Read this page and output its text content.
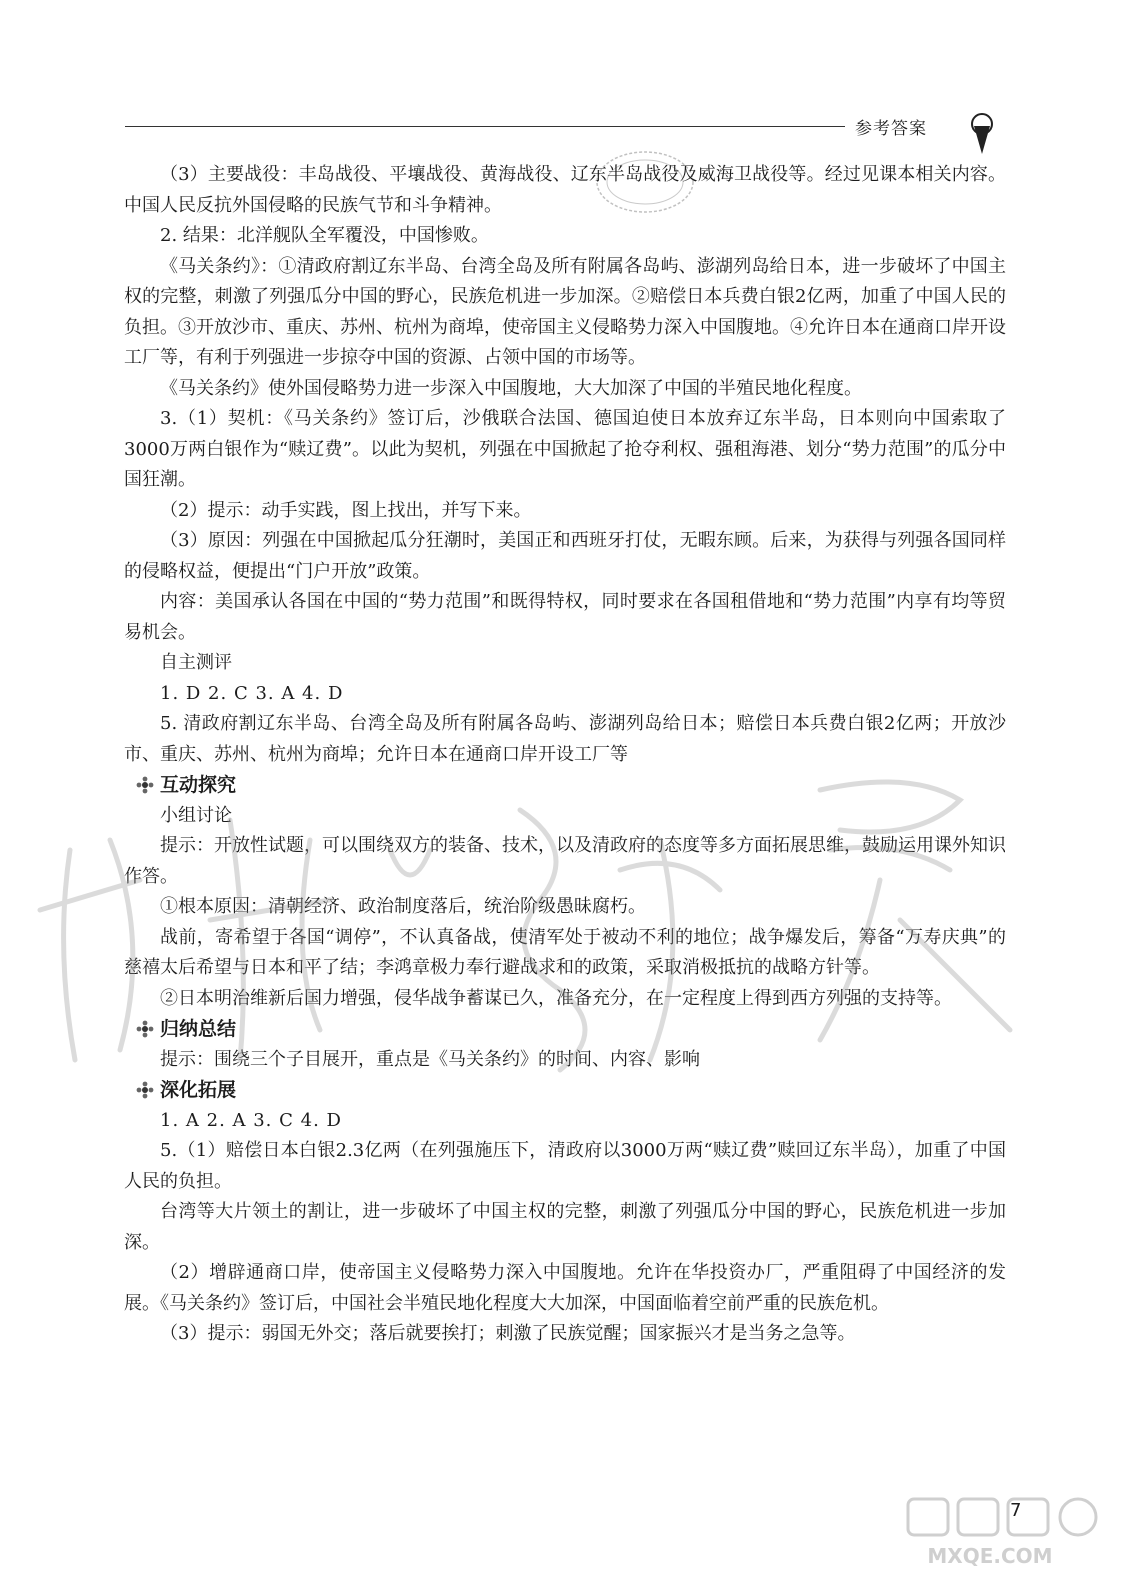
参考答案

（3）主要战役：丰岛战役、平壤战役、黄海战役、辽东半岛战役及威海卫战役等。经过见课本相关内容。中国人民反抗外国侵略的民族气节和斗争精神。

2. 结果：北洋舰队全军覆没，中国惨败。

《马关条约》：①清政府割辽东半岛、台湾全岛及所有附属各岛屿、澎湖列岛给日本，进一步破坏了中国主权的完整，刺激了列强瓜分中国的野心，民族危机进一步加深。②赔偿日本兵费白银2亿两，加重了中国人民的负担。③开放沙市、重庆、苏州、杭州为商埠，使帝国主义侵略势力深入中国腹地。④允许日本在通商口岸开设工厂等，有利于列强进一步掠夺中国的资源、占领中国的市场等。

《马关条约》使外国侵略势力进一步深入中国腹地，大大加深了中国的半殖民地化程度。

3.（1）契机：《马关条约》签订后，沙俄联合法国、德国迫使日本放弃辽东半岛，日本则向中国索取了3000万两白银作为“赎辽费”。以此为契机，列强在中国掀起了抢夺利权、强租海港、划分“势力范围”的瓜分中国狂潮。

（2）提示：动手实践，图上找出，并写下来。

（3）原因：列强在中国掀起瓜分狂潮时，美国正和西班牙打仗，无暇东顾。后来，为获得与列强各国同样的侵略权益，便提出“门户开放”政策。

内容：美国承认各国在中国的“势力范围”和既得特权，同时要求在各国租借地和“势力范围”内享有均等贸易机会。

自主测评

1. D 2. C 3. A 4. D

5. 清政府割辽东半岛、台湾全岛及所有附属各岛屿、澎湖列岛给日本；赔偿日本兵费白银2亿两；开放沙市、重庆、苏州、杭州为商埠；允许日本在通商口岸开设工厂等

互动探究

小组讨论

提示：开放性试题，可以围绕双方的装备、技术，以及清政府的态度等多方面拓展思维，鼓励运用课外知识作答。

①根本原因：清朝经济、政治制度落后，统治阶级愚昧腐朽。

战前，寄希望于各国“调停”，不认真备战，使清军处于被动不利的地位；战争爆发后，筹备“万寿庆典”的慈禧太后希望与日本和平了结；李鸿章极力奉行避战求和的政策，采取消极抵抗的战略方针等。

②日本明治维新后国力增强，侵华战争蓄谋已久，准备充分，在一定程度上得到西方列强的支持等。

归纳总结

提示：围绕三个子目展开，重点是《马关条约》的时间、内容、影响

深化拓展

1. A 2. A 3. C 4. D

5.（1）赔偿日本白银2.3亿两（在列强施压下，清政府以3000万两“赎辽费”赎回辽东半岛），加重了中国人民的负担。

台湾等大片领土的割让，进一步破坏了中国主权的完整，刺激了列强瓜分中国的野心，民族危机进一步加深。

（2）增辟通商口岸，使帝国主义侵略势力深入中国腹地。允许在华投资办厂，严重阻碍了中国经济的发展。《马关条约》签订后，中国社会半殖民地化程度大大加深，中国面临着空前严重的民族危机。

（3）提示：弱国无外交；落后就要挨打；刺激了民族觉醒；国家振兴才是当务之急等。

MXQE.COM
7
